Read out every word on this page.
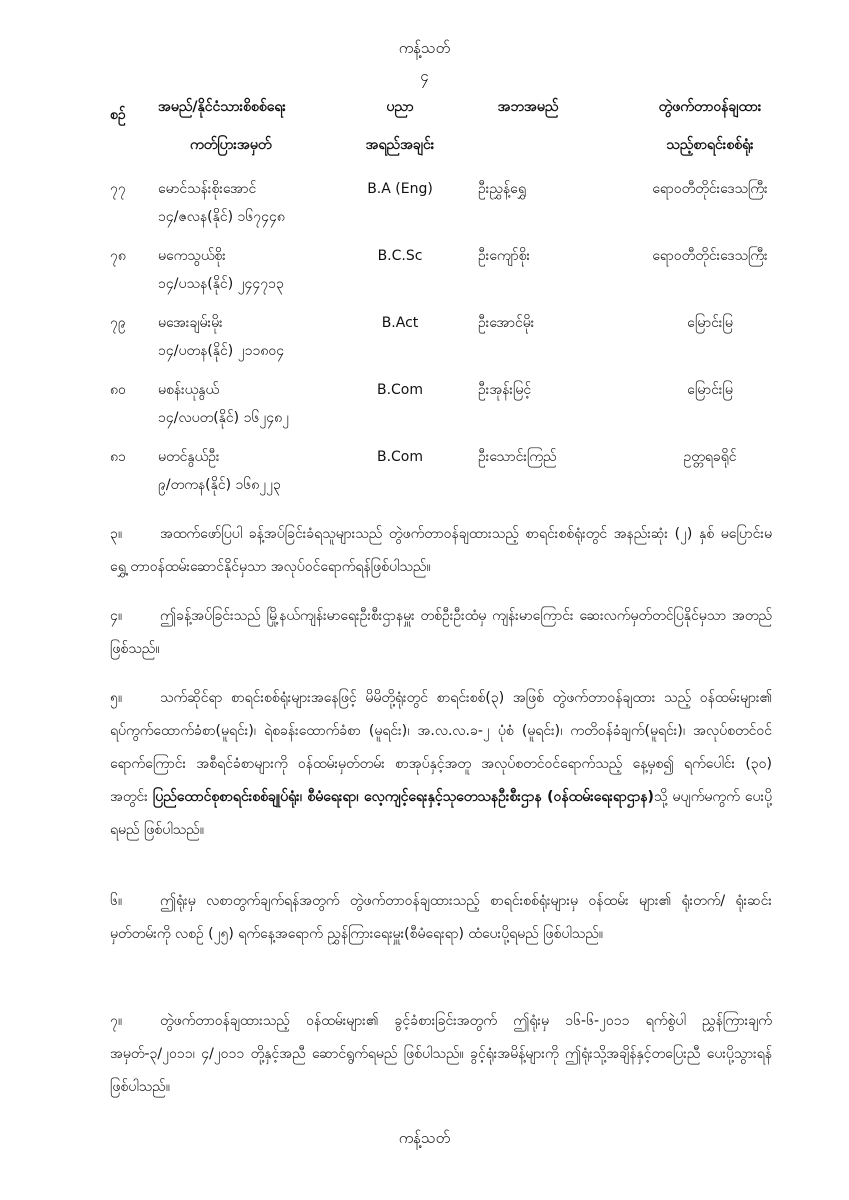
ကန့်သတ်
၄
စဉ်	အမည်/နိုင်ငံသားစိစစ်ရေး
ကတ်ပြားအမှတ်
ပညာ
အရည်အချင်း
အဘအမည်	တွဲဖက်တာဝန်ချထား
သည့်စာရင်းစစ်ရုံး
၇၇	မောင်သန်းစိုးအောင်
၁၄/ဇလန(နိုင်) ၁၆၇၄၄၈
B.A (Eng)	ဦးညွှန့်ရွှေ	ရောဝတီတိုင်းဒေသကြီး
၇၈	မကေသွယ်စိုး
၁၄/ပသန(နိုင်) ၂၄၄၇၁၃
B.C.Sc	ဦးကျော်စိုး	ရောဝတီတိုင်းဒေသကြီး
၇၉	မအေးချမ်းမိုး
၁၄/ပတန(နိုင်) ၂၁၁၈၀၄
B.Act	ဦးအောင်မိုး	မြောင်းမြ
၈၀	မစန်းယုနွယ်
၁၄/လပတ(နိုင်) ၁၆၂၄၈၂
B.Com	ဦးအုန်းမြင့်	မြောင်းမြ
၈၁	မတင်နွယ်ဦး
၉/တကန(နိုင်) ၁၆၈၂၂၃
B.Com	ဦးသောင်းကြည်	ဥတ္တရခရိုင်
၃။	အထက်ဖော်ပြပါ ခန့်အပ်ခြင်းခံရသူများသည် တွဲဖက်တာဝန်ချထားသည့် စာရင်းစစ်ရုံးတွင် အနည်းဆုံး (၂) နှစ် မပြောင်းမရွှေ့ တာဝန်ထမ်းဆောင်နိုင်မှသာ အလုပ်ဝင်ရောက်ရန်ဖြစ်ပါသည်။
၄။	ဤခန့်အပ်ခြင်းသည် မြို့နယ်ကျန်းမာရေးဦးစီးဌာနမှူး တစ်ဦးဦးထံမှ ကျန်းမာကြောင်း ဆေးလက်မှတ်တင်ပြနိုင်မှသာ အတည်ဖြစ်သည်။
၅။	သက်ဆိုင်ရာ စာရင်းစစ်ရုံးများအနေဖြင့် မိမိတို့ရုံးတွင် စာရင်းစစ်(၃) အဖြစ် တွဲဖက်တာဝန်ချထား သည့် ဝန်ထမ်းများ၏ ရပ်ကွက်ထောက်ခံစာ(မူရင်း)၊ ရဲစခန်းထောက်ခံစာ (မူရင်း)၊ အ.လ.လ.ခ-၂ ပုံစံ (မူရင်း)၊ ကတိဝန်ခံချက်(မူရင်း)၊ အလုပ်စတင်ဝင်ရောက်ကြောင်း အစီရင်ခံစာများကို ဝန်ထမ်းမှတ်တမ်း စာအုပ်နှင့်အတူ အလုပ်စတင်ဝင်ရောက်သည့် နေ့မှစ၍ ရက်ပေါင်း (၃၀) အတွင်း ပြည်ထောင်စုစာရင်းစစ်ချုပ်ရုံး၊ စီမံရေးရာ၊ လေ့ကျင့်ရေးနှင့်သုတေသနဦးစီးဌာန (ဝန်ထမ်းရေးရာဌာန)သို့ မပျက်မကွက် ပေးပို့ရမည် ဖြစ်ပါသည်။
၆။	ဤရုံးမှ လစာတွက်ချက်ရန်အတွက် တွဲဖက်တာဝန်ချထားသည့် စာရင်းစစ်ရုံးများမှ ဝန်ထမ်း များ၏ ရုံးတက်/ ရုံးဆင်းမှတ်တမ်းကို လစဉ် (၂၅) ရက်နေ့အရောက် ညွှန်ကြားရေးမှူး(စီမံရေးရာ) ထံပေးပို့ရမည် ဖြစ်ပါသည်။
၇။	တွဲဖက်တာဝန်ချထားသည့် ဝန်ထမ်းများ၏ ခွင့်ခံစားခြင်းအတွက် ဤရုံးမှ ၁၆-၆-၂၀၁၁ ရက်စွဲပါ ညွှန်ကြားချက်အမှတ်-၃/၂၀၁၁၊ ၄/၂၀၁၁ တို့နှင့်အညီ ဆောင်ရွက်ရမည် ဖြစ်ပါသည်။ ခွင့်ရုံးအမိန့်များကို ဤရုံးသို့အချိန်နှင့်တပြေးညီ ပေးပို့သွားရန် ဖြစ်ပါသည်။
ကန့်သတ်
